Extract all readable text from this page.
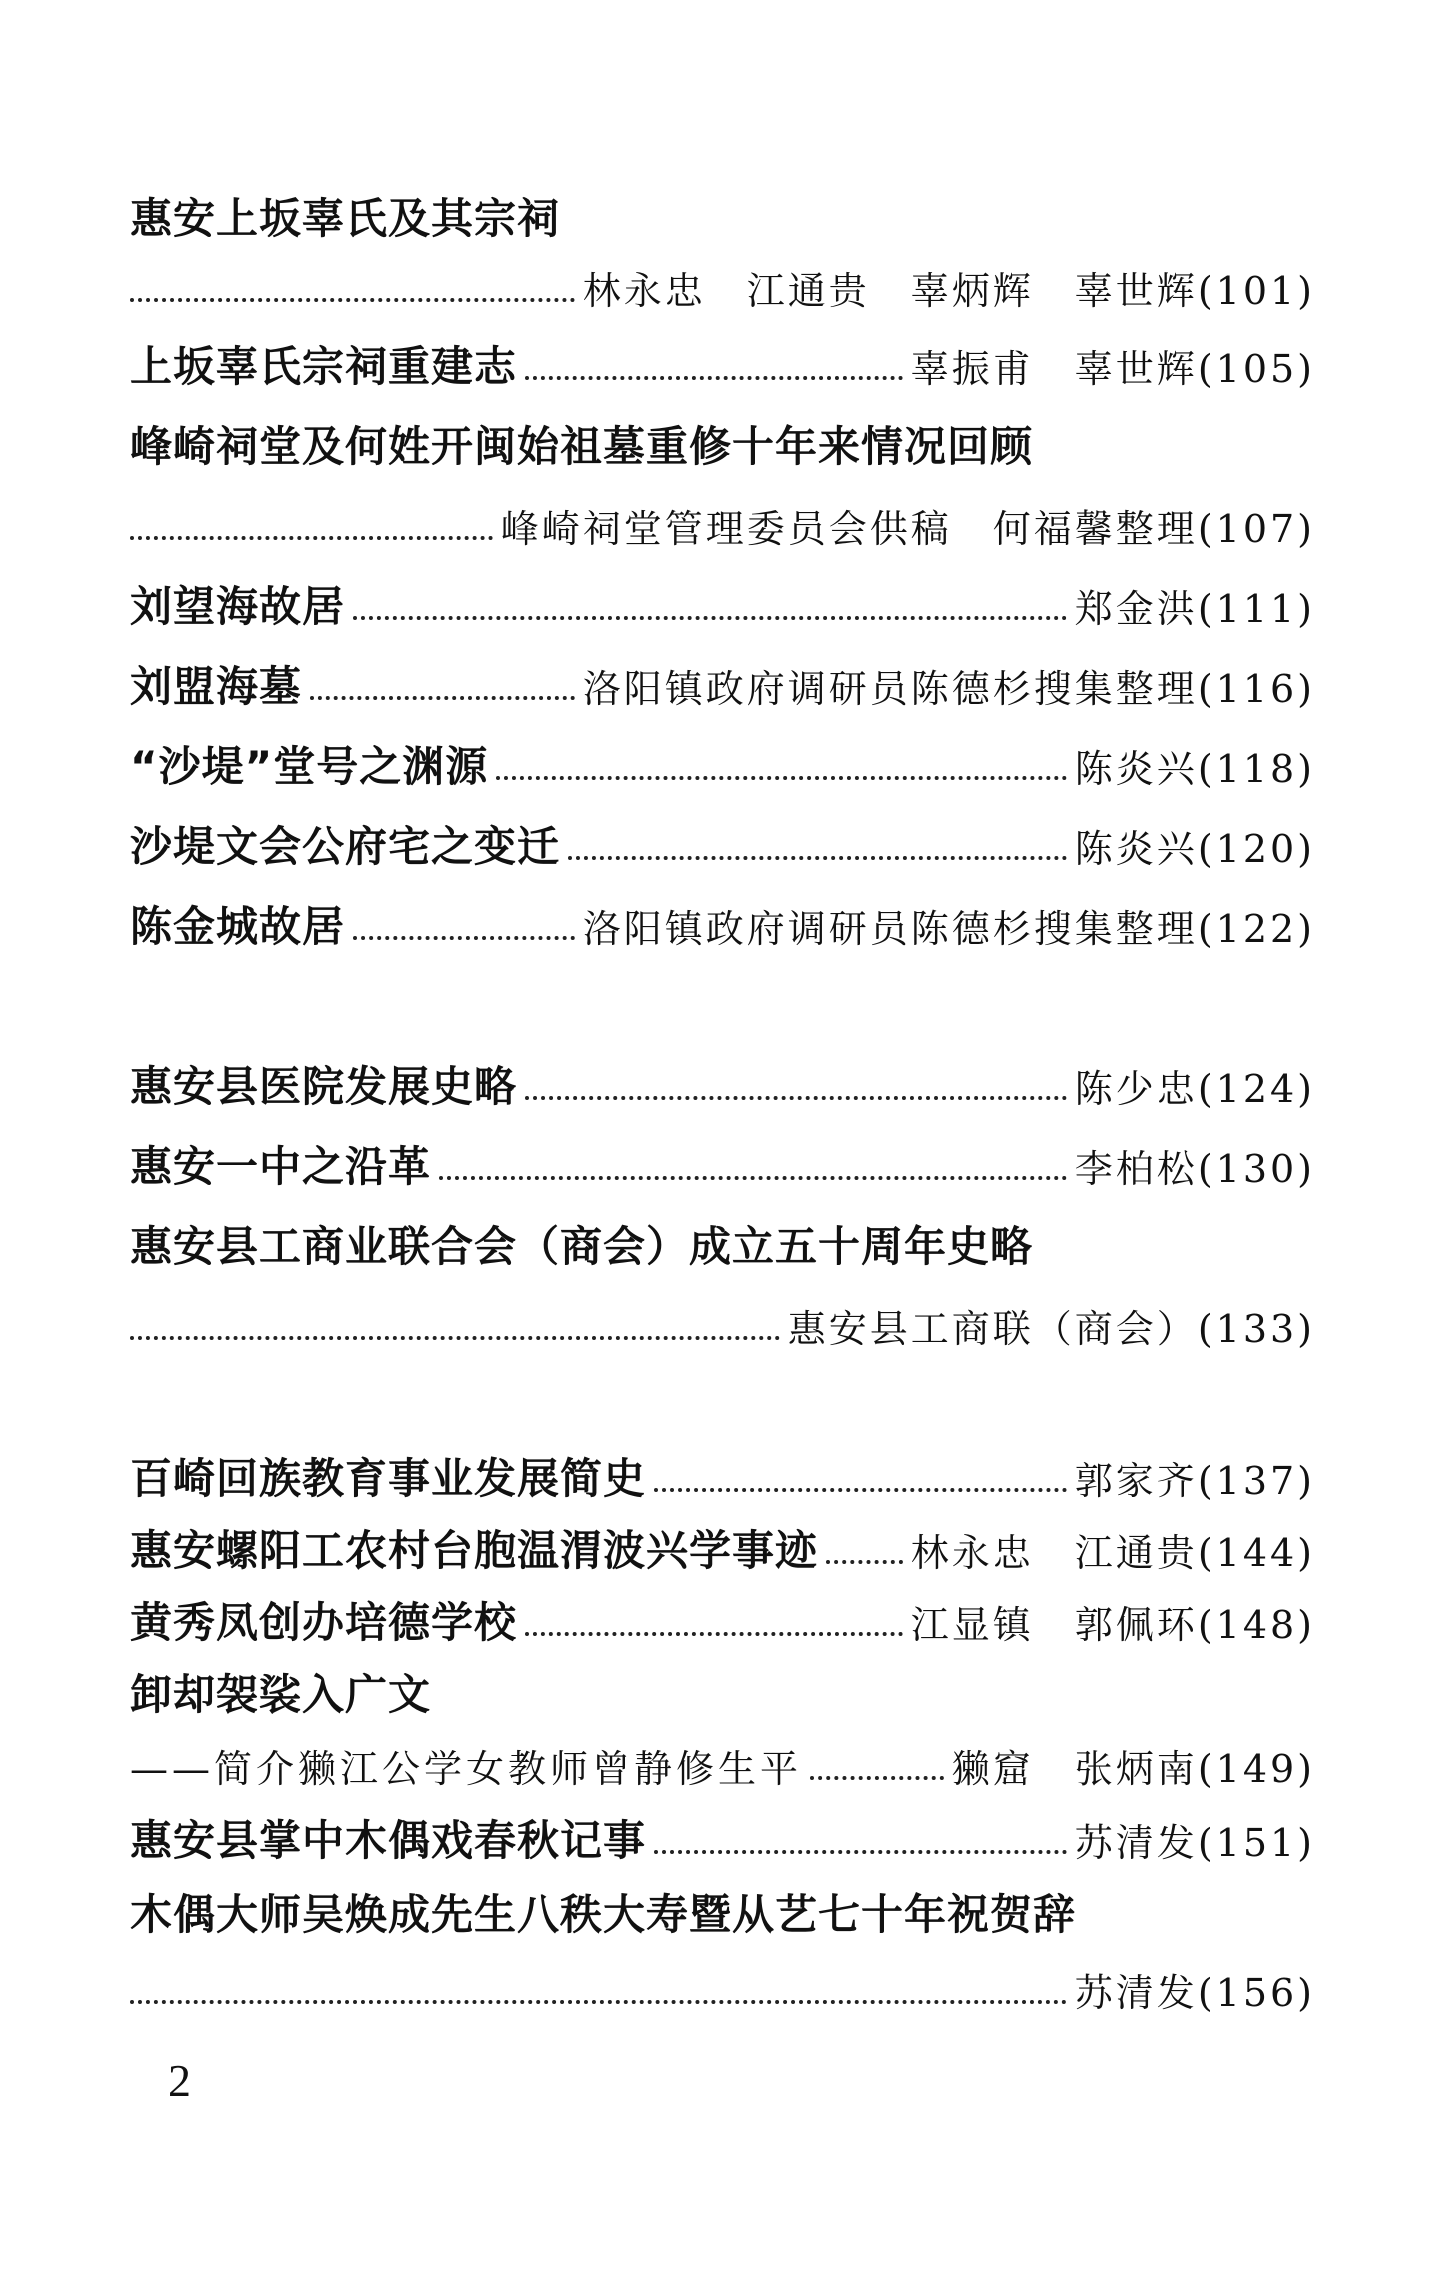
惠安上坂辜氏及其宗祠
林永忠　江通贵　辜炳辉　辜世辉 (101)
上坂辜氏宗祠重建志	辜振甫　辜世辉 (105)
峰崎祠堂及何姓开闽始祖墓重修十年来情况回顾
峰崎祠堂管理委员会供稿　何福馨整理 (107)
刘望海故居	郑金洪 (111)
刘盟海墓	洛阳镇政府调研员陈德杉搜集整理 (116)
“沙堤”堂号之渊源	陈炎兴 (118)
沙堤文会公府宅之变迁	陈炎兴 (120)
陈金城故居	洛阳镇政府调研员陈德杉搜集整理 (122)
惠安县医院发展史略	陈少忠 (124)
惠安一中之沿革	李柏松 (130)
惠安县工商业联合会（商会）成立五十周年史略
惠安县工商联（商会） (133)
百崎回族教育事业发展简史	郭家齐 (137)
惠安螺阳工农村台胞温渭波兴学事迹 林永忠　江通贵 (144)
黄秀凤创办培德学校	江显镇　郭佩环 (148)
卸却袈裟入广文
——简介獭江公学女教师曾静修生平	獭窟　张炳南 (149)
惠安县掌中木偶戏春秋记事	苏清发 (151)
木偶大师吴焕成先生八秩大寿暨从艺七十年祝贺辞
苏清发 (156)
2
